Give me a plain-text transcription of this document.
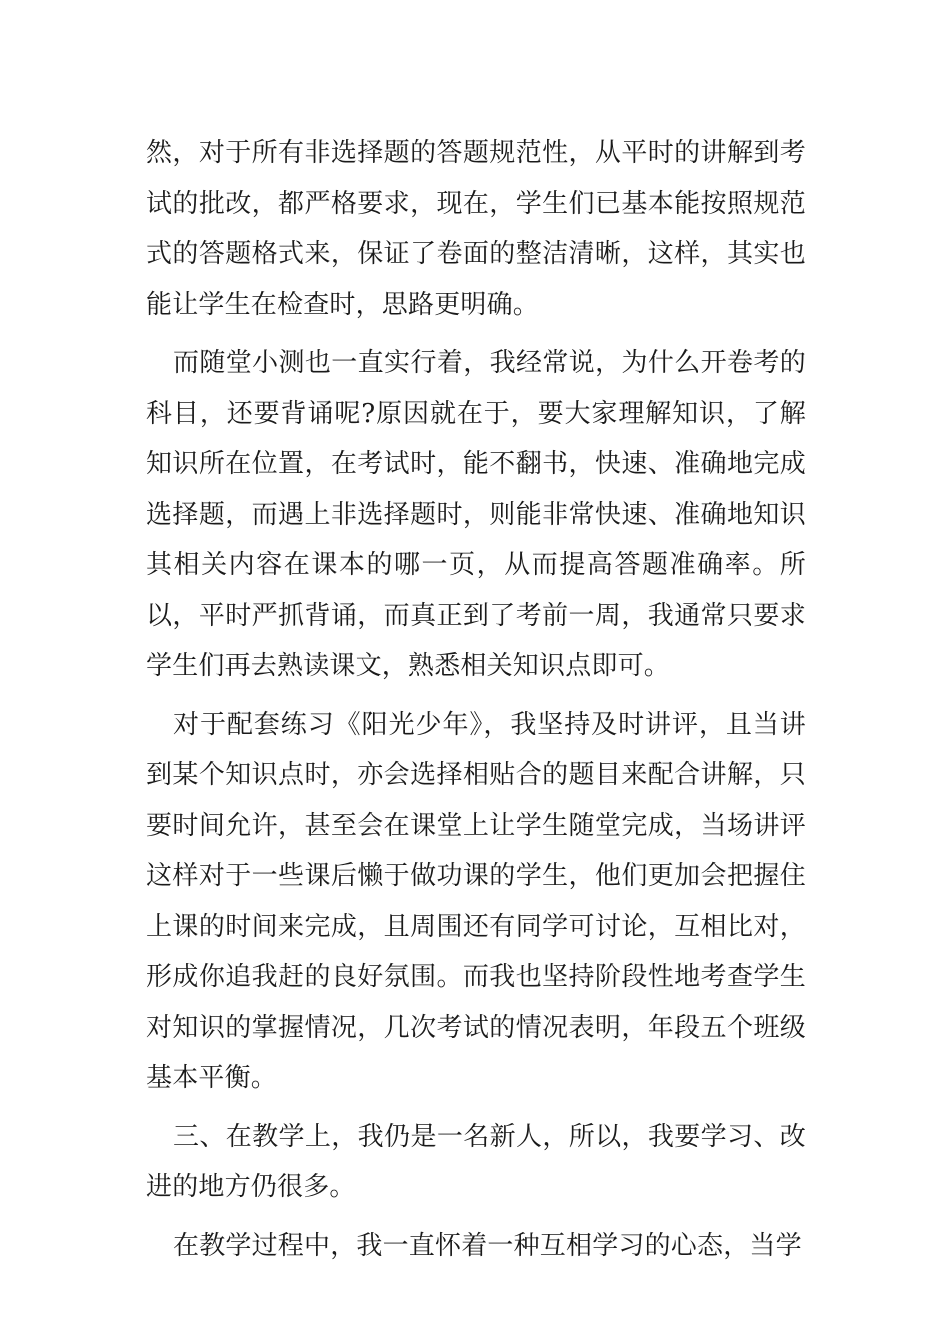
然，对于所有非选择题的答题规范性，从平时的讲解到考试的批改，都严格要求，现在，学生们已基本能按照规范式的答题格式来，保证了卷面的整洁清晰，这样，其实也能让学生在检查时，思路更明确。

而随堂小测也一直实行着，我经常说，为什么开卷考的科目，还要背诵呢?原因就在于，要大家理解知识，了解知识所在位置，在考试时，能不翻书，快速、准确地完成选择题，而遇上非选择题时，则能非常快速、准确地知识其相关内容在课本的哪一页，从而提高答题准确率。所以，平时严抓背诵，而真正到了考前一周，我通常只要求学生们再去熟读课文，熟悉相关知识点即可。

对于配套练习《阳光少年》，我坚持及时讲评，且当讲到某个知识点时，亦会选择相贴合的题目来配合讲解，只要时间允许，甚至会在课堂上让学生随堂完成，当场讲评这样对于一些课后懒于做功课的学生，他们更加会把握住上课的时间来完成，且周围还有同学可讨论，互相比对，形成你追我赶的良好氛围。而我也坚持阶段性地考查学生对知识的掌握情况，几次考试的情况表明，年段五个班级基本平衡。

三、在教学上，我仍是一名新人，所以，我要学习、改进的地方仍很多。

在教学过程中，我一直怀着一种互相学习的心态，当学
